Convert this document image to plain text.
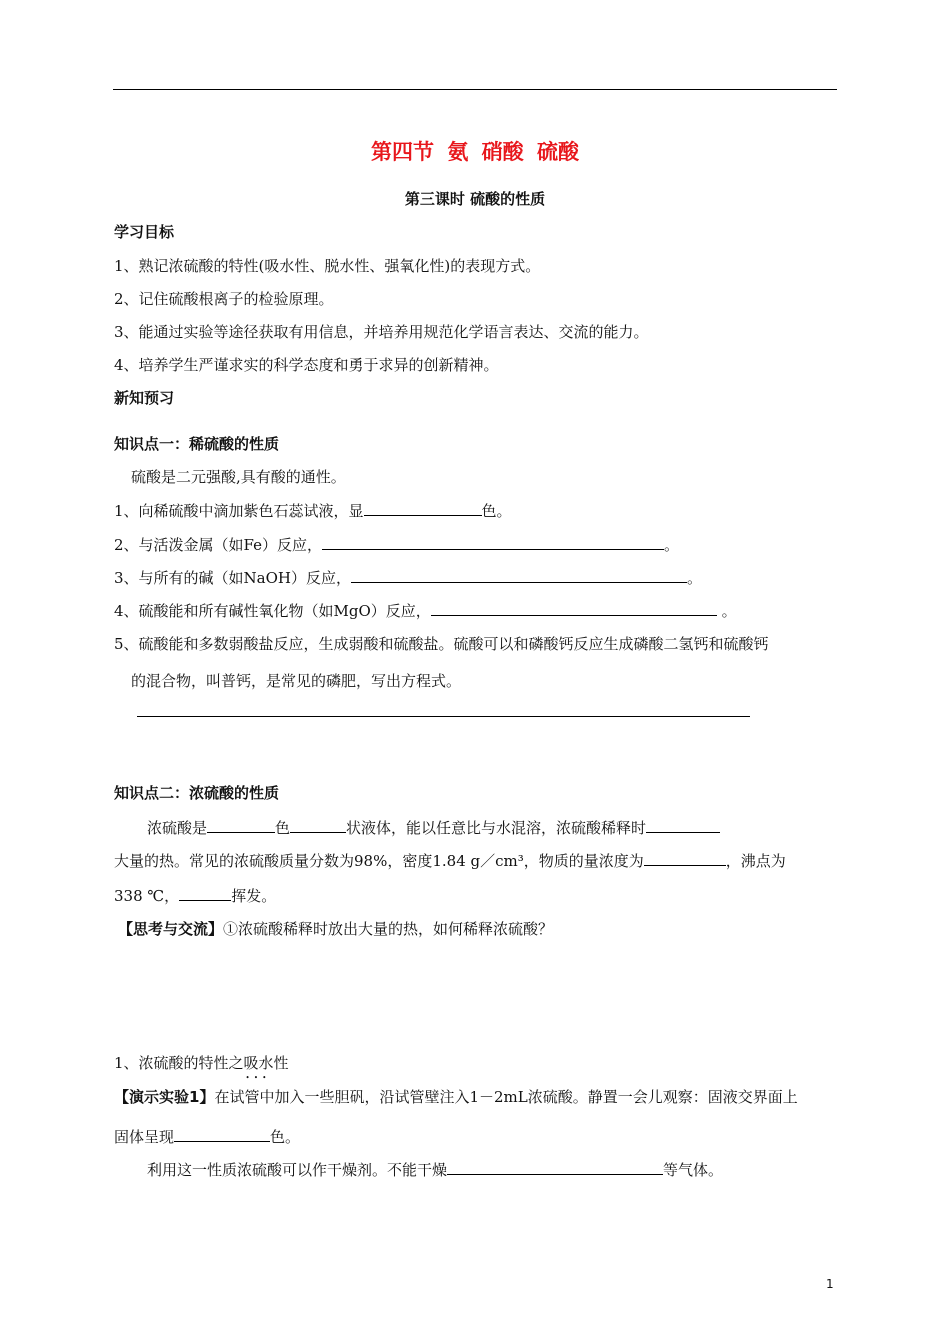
第四节 氨 硝酸 硫酸
第三课时 硫酸的性质
学习目标
1、熟记浓硫酸的特性(吸水性、脱水性、强氧化性)的表现方式。
2、记住硫酸根离子的检验原理。
3、能通过实验等途径获取有用信息，并培养用规范化学语言表达、交流的能力。
4、培养学生严谨求实的科学态度和勇于求异的创新精神。
新知预习
知识点一：稀硫酸的性质
硫酸是二元强酸,具有酸的通性。
1、向稀硫酸中滴加紫色石蕊试液，显	色。
2、与活泼金属（如Fe）反应，	。
3、与所有的碱（如NaOH）反应，	。
4、硫酸能和所有碱性氧化物（如MgO）反应，	。
5、硫酸能和多数弱酸盐反应，生成弱酸和硫酸盐。硫酸可以和磷酸钙反应生成磷酸二氢钙和硫酸钙
的混合物，叫普钙，是常见的磷肥，写出方程式。
知识点二：浓硫酸的性质
浓硫酸是	色	状液体，能以任意比与水混溶，浓硫酸稀释时
大量的热。常见的浓硫酸质量分数为98%，密度1.84 g／cm³，物质的量浓度为	，沸点为
338 ℃，	挥发。
【思考与交流】①浓硫酸稀释时放出大量的热，如何稀释浓硫酸？
1、浓硫酸的特性之吸水性 • • •
【演示实验1】在试管中加入一些胆矾，沿试管壁注入1－2mL浓硫酸。静置一会儿观察：固液交界面上
固体呈现	色。
利用这一性质浓硫酸可以作干燥剂。不能干燥	等气体。
1
